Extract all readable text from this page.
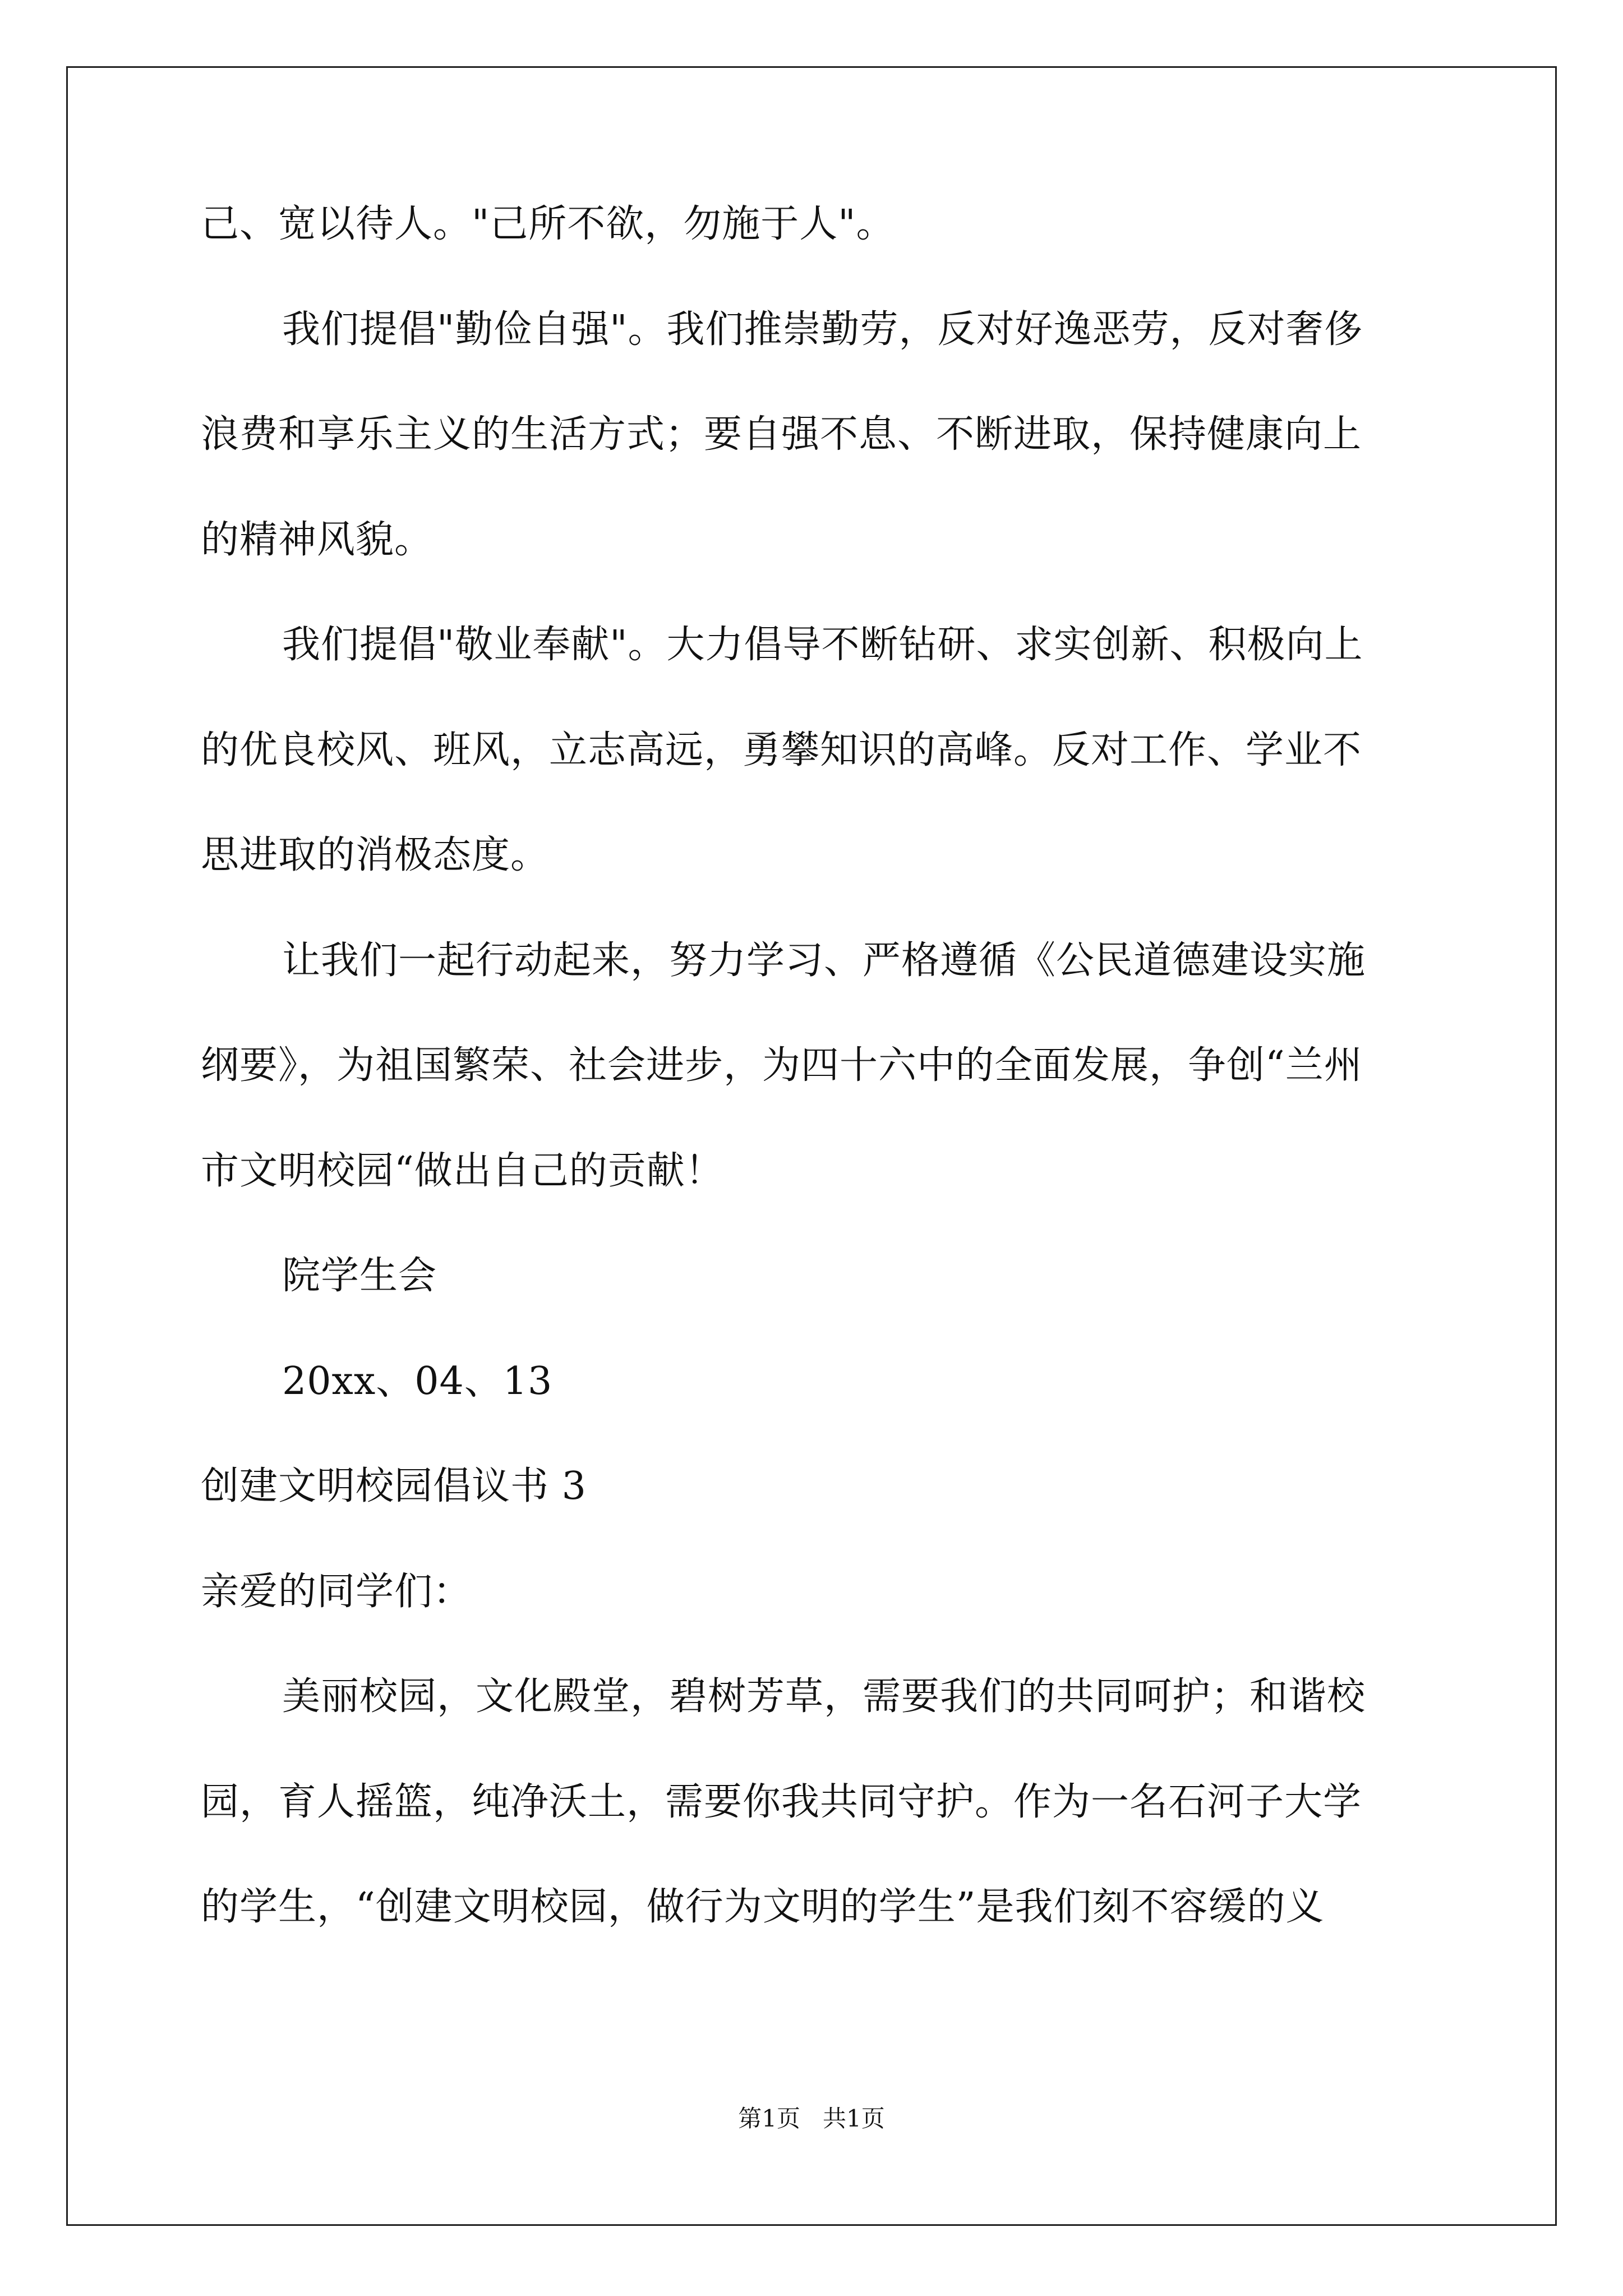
己、宽以待人。"己所不欲，勿施于人"。
我们提倡"勤俭自强"。我们推崇勤劳，反对好逸恶劳，反对奢侈
浪费和享乐主义的生活方式；要自强不息、不断进取，保持健康向上
的精神风貌。
我们提倡"敬业奉献"。大力倡导不断钻研、求实创新、积极向上
的优良校风、班风，立志高远，勇攀知识的高峰。反对工作、学业不
思进取的消极态度。
让我们一起行动起来，努力学习、严格遵循《公民道德建设实施
纲要》，为祖国繁荣、社会进步，为四十六中的全面发展，争创“兰州
市文明校园“做出自己的贡献！
院学生会
20xx、04、13
创建文明校园倡议书 3
亲爱的同学们：
美丽校园，文化殿堂，碧树芳草，需要我们的共同呵护；和谐校
园，育人摇篮，纯净沃土，需要你我共同守护。作为一名石河子大学
的学生，“创建文明校园，做行为文明的学生”是我们刻不容缓的义
第1页   共1页
